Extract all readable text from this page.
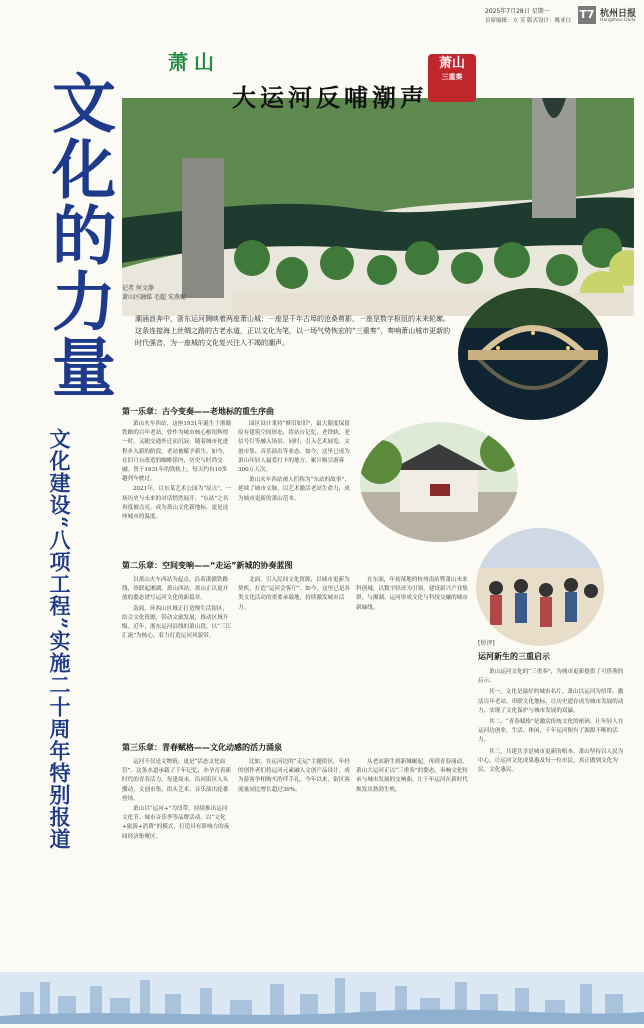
2025年7月28日 星期一
首席编辑：方 芙 版式设计：姚亚白 T7 杭州日报
Hangzhou Daily
文化的力量
文化建设“八项工程”实施二十周年特别报道
萧山
大运河反哺潮声
萧山
三重奏
记者 何文静
萧山区融媒 毛超 宋燕妮
潮涌浪奔中，浙东运河侧映着两座萧山城：一座是千年古埠的沧桑剪影，一座是数字枢纽的未来轮廓。这条连接海上丝绸之路的古老水道，正以文化为笔，以一场气势恢宏的“三重奏”，奏响萧山城市更新的时代强音，为一座城的文化复兴注入不竭的潮声。
第一乐章：古今变奏——老地标的重生序曲

萧山火车西站，这座1931年诞生于浙赣铁路的百年老站，曾作为城市核心枢纽辉煌一时。又随交通外迁而沉寂。随着城市化进程步入新的阶段，老站被赋予新生。如今，在旧月台改造的咖啡馆内，历史与时尚交融。曾于1931年的铁轨上，每天约有10多趟列车驶过。

2021年，以东某艺术公园为“原点”，一场历史与未来的对话悄然展开。“东站”之名再度被点亮，成为萧山文化新地标，更是这座城市的温度。

园区设计秉持“修旧如旧”，最大限度保留原有建筑空间形态，将站台记忆、老铁轨、老信号灯等融入场景。同时，引入艺术展览、文创市集、音乐演出等业态。如今，这里已成为萧山年轻人最爱打卡的地方，累计吸引游客300万人次。

萧山火车西站被人们称为“东站的故事”，延续了城市文脉，以艺术激活老站生命力，成为城市更新的萧山范本。

第二乐章：空间变响——“走运”新城的协奏蓝图

以萧山火车西站为起点，沿着浙赣铁路线，串联起湘湖、萧山西站，萧山正以更开放的姿态谱写运河文化的新篇章。

南面，环西山区域正打造慢生活街区，结合文化资源，带动文旅发展，推动区域升级。近年，浙东运河沿线的萧山段，以“三江汇流”为核心，着力打造运河风貌带。

北面，引入民间文化资源，以城市更新为契机，打造“运河会客厅”。如今，这里已是各类文化活动的重要承载地，持续激发城市活力。

在东面，年初落地的杭州南站暨萧山未来科创城，以数字经济为引领，建设新兴产业集群，与湘湖、运河形成文化与科技交融的城市新轴线。

第三乐章：青春赋格——文化动感的活力涌泉

运河不仅是文物链，更是“活态文化血管”。这条水道承载了千年记忆，亦孕育着新时代的青春活力。每逢周末，沿河街区人头攒动，文创市集、街头艺术、音乐演出轮番登场。

萧山以“运河+”为纽带，持续推出运河文化节、城市音乐季等品牌活动。以“文化+旅游+消费”的模式，打造具有影响力的夜间经济集聚区。

比如，在运河边的“走运”主题街区，年轻的创作者们将运河元素融入文创产品设计，成为游客争相购买的伴手礼。今年以来，街区客流量同比增长超过30%。

从老站新生到新城崛起，再到青春涌动，萧山大运河正以“三重奏”的姿态，奏响文化传承与城市发展的交响曲，让千年运河在新时代焕发出勃勃生机。

[短评]
运河新生的三重启示

萧山运河文化的“三重奏”，为城市更新提供了可借鉴的启示。

其一，文化是最好的城市名片。萧山以运河为纽带，激活百年老站、串联文化地标，让历史遗存成为城市发展的动力，实现了文化保护与城市发展的双赢。

其二，“青春赋格”是激活传统文化的密码。让年轻人在运河边创业、生活、休闲，千年运河便有了源源不断的活力。

其三，共建共享是城市更新的根本。萧山坚持以人民为中心，让运河文化成果惠及每一位市民，真正做到文化为民、文化惠民。
